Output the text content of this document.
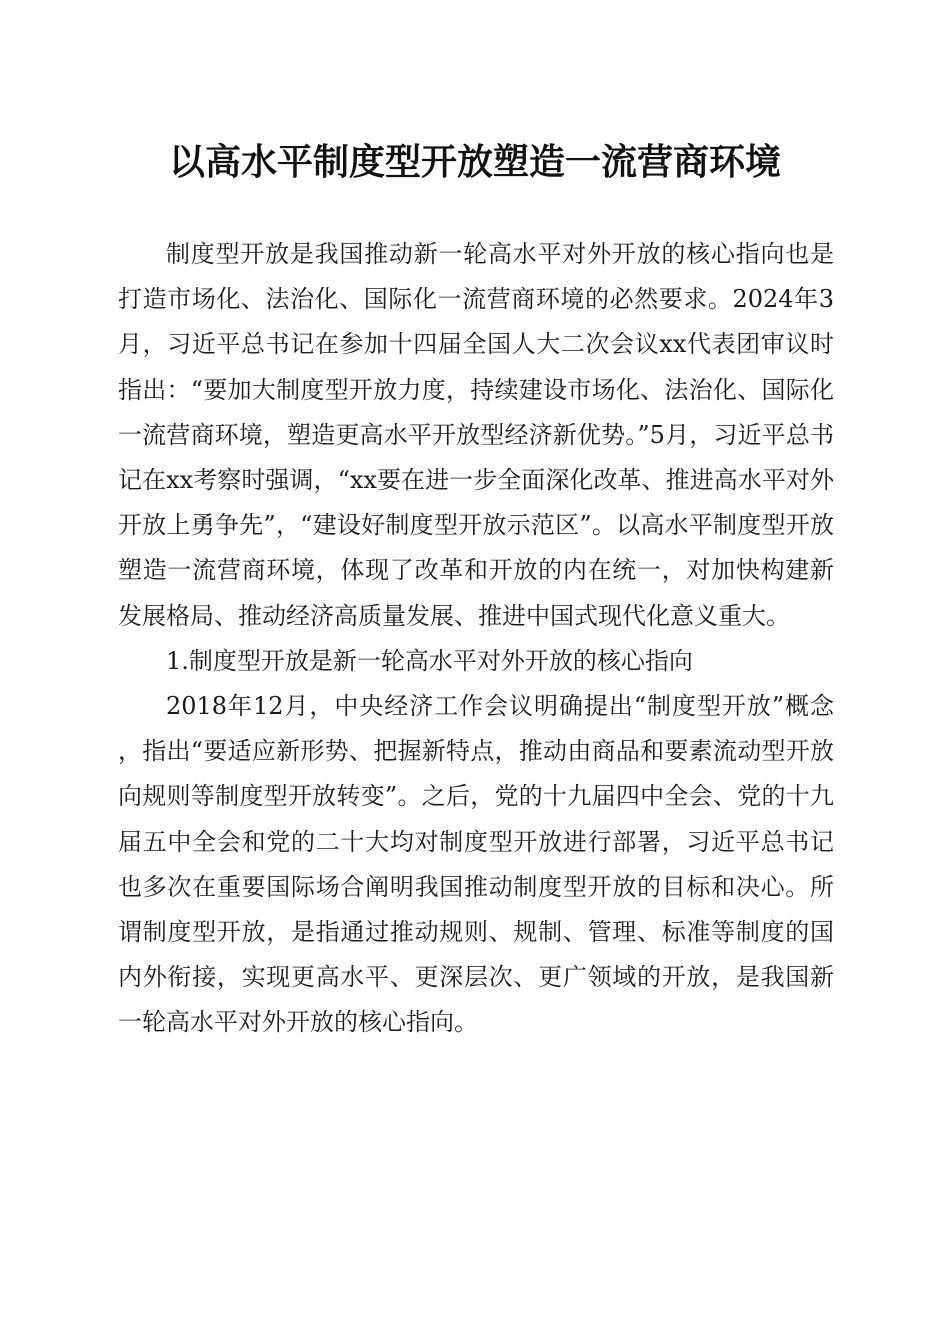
以高水平制度型开放塑造一流营商环境

制度型开放是我国推动新一轮高水平对外开放的核心指向也是打造市场化、法治化、国际化一流营商环境的必然要求。2024年3月，习近平总书记在参加十四届全国人大二次会议xx代表团审议时指出：“要加大制度型开放力度，持续建设市场化、法治化、国际化一流营商环境，塑造更高水平开放型经济新优势。”5月，习近平总书记在xx考察时强调，“xx要在进一步全面深化改革、推进高水平对外开放上勇争先”，“建设好制度型开放示范区”。以高水平制度型开放塑造一流营商环境，体现了改革和开放的内在统一，对加快构建新发展格局、推动经济高质量发展、推进中国式现代化意义重大。

1.制度型开放是新一轮高水平对外开放的核心指向

2018年12月，中央经济工作会议明确提出“制度型开放”概念，指出“要适应新形势、把握新特点，推动由商品和要素流动型开放向规则等制度型开放转变”。之后，党的十九届四中全会、党的十九届五中全会和党的二十大均对制度型开放进行部署，习近平总书记也多次在重要国际场合阐明我国推动制度型开放的目标和决心。所谓制度型开放，是指通过推动规则、规制、管理、标准等制度的国内外衔接，实现更高水平、更深层次、更广领域的开放，是我国新一轮高水平对外开放的核心指向。
